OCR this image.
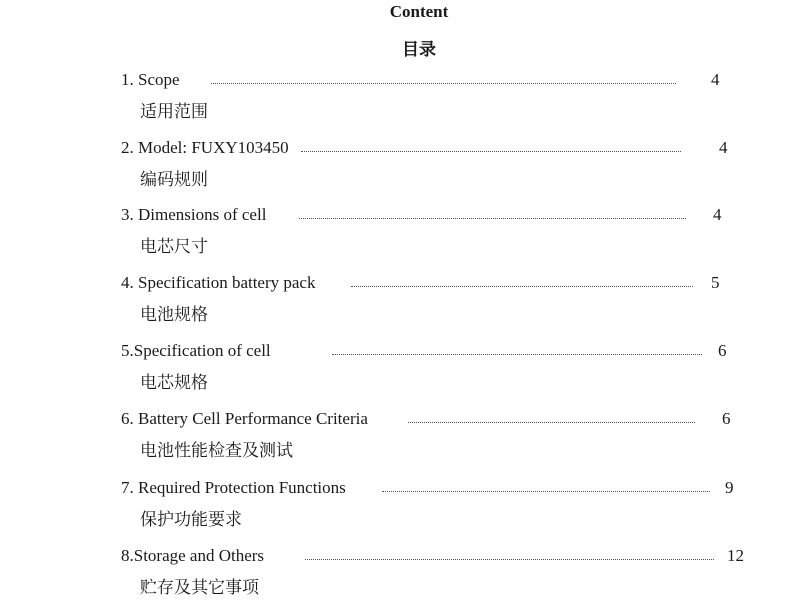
Content
目录
1. Scope	4
适用范围
2. Model: FUXY103450	4
编码规则
3. Dimensions of cell	4
电芯尺寸
4. Specification battery pack	5
电池规格
5.Specification of cell	6
电芯规格
6. Battery Cell Performance Criteria	6
电池性能检查及测试
7. Required Protection Functions	9
保护功能要求
8.Storage and Others	12
贮存及其它事项
